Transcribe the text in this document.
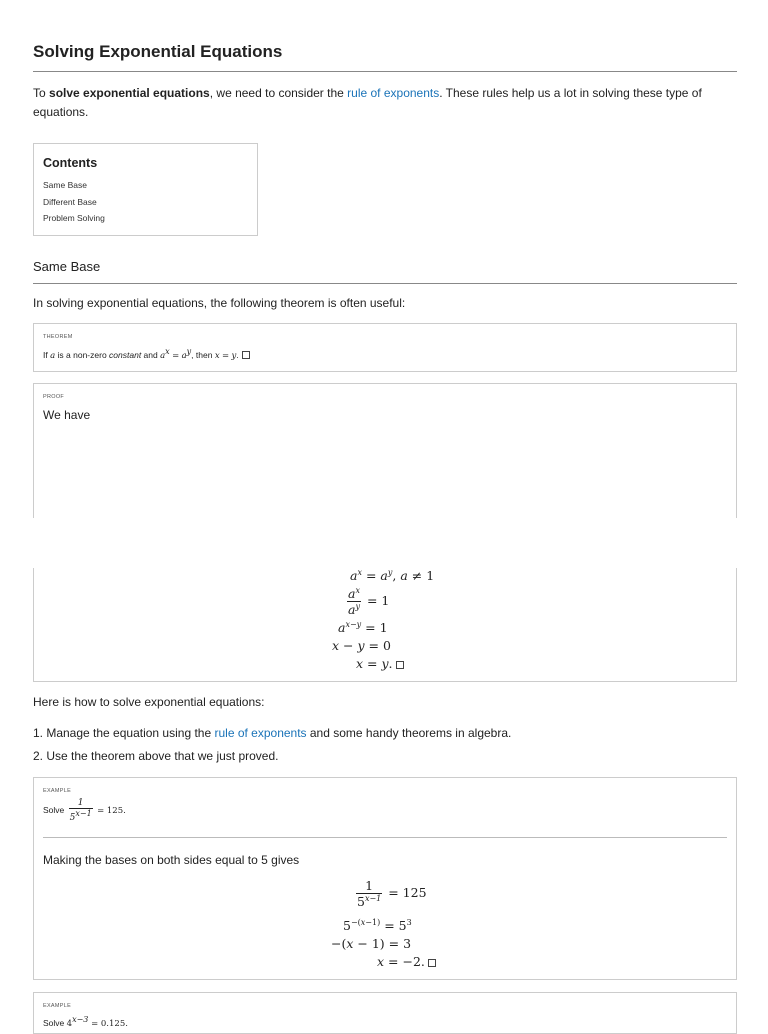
Solving Exponential Equations

To solve exponential equations, we need to consider the rule of exponents. These rules help us a lot in solving these type of equations.

Contents
Same Base
Different Base
Problem Solving
Same Base

In solving exponential equations, the following theorem is often useful:

THEOREM
If a is a non-zero constant and $a^x = a^y$, then x = y.
PROOF
We have
$a^x = a^y$, a ≠ 1
$\frac{a^x}{a^y} = 1$
$a^{x-y} = 1$
x − y = 0
x = y.

Here is how to solve exponential equations:

1. Manage the equation using the rule of exponents and some handy theorems in algebra.

2. Use the theorem above that we just proved.

EXAMPLE
Solve $\frac{1}{5^{x-1}} = 125$.
Making the bases on both sides equal to 5 gives
$\frac{1}{5^{x-1}} = 125$
$5^{-(x-1)} = 5^3$
−(x − 1) = 3
x = −2.
EXAMPLE
Solve $4^{x-3} = 0.125$.
